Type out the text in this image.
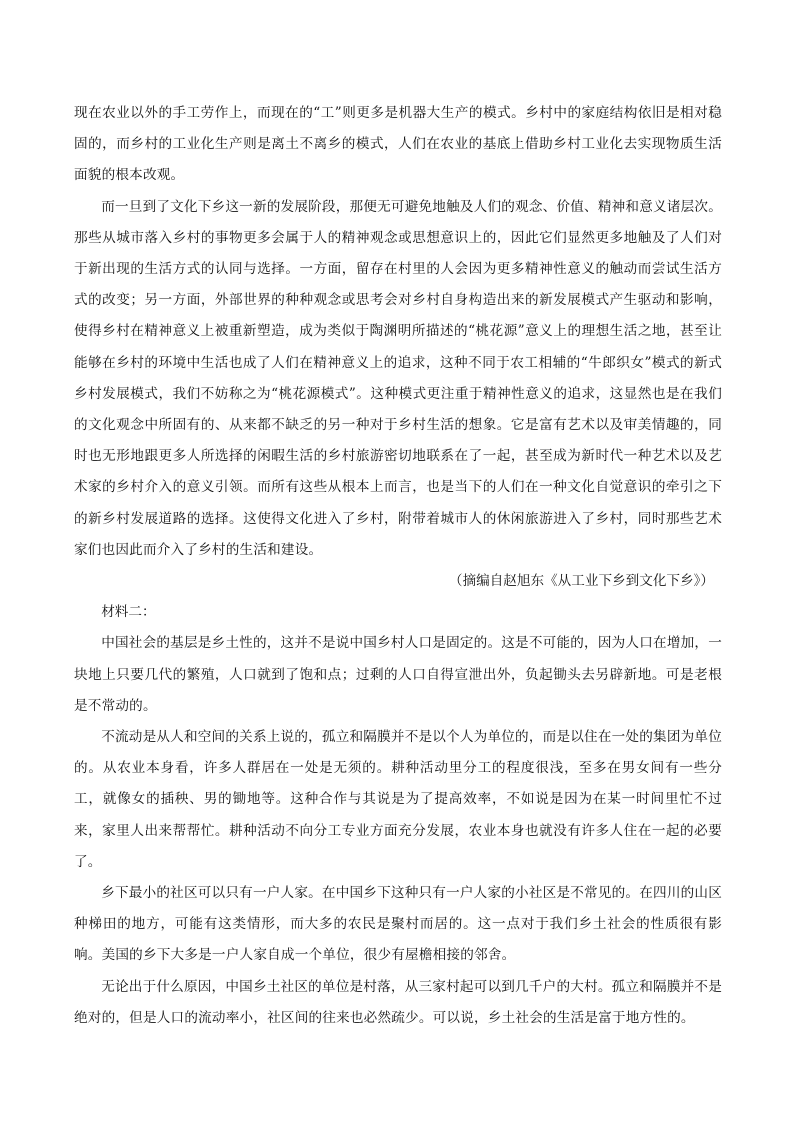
现在农业以外的手工劳作上，而现在的“工”则更多是机器大生产的模式。乡村中的家庭结构依旧是相对稳固的，而乡村的工业化生产则是离土不离乡的模式，人们在农业的基底上借助乡村工业化去实现物质生活面貌的根本改观。

而一旦到了文化下乡这一新的发展阶段，那便无可避免地触及人们的观念、价值、精神和意义诸层次。那些从城市落入乡村的事物更多会属于人的精神观念或思想意识上的，因此它们显然更多地触及了人们对于新出现的生活方式的认同与选择。一方面，留存在村里的人会因为更多精神性意义的触动而尝试生活方式的改变；另一方面，外部世界的种种观念或思考会对乡村自身构造出来的新发展模式产生驱动和影响，使得乡村在精神意义上被重新塑造，成为类似于陶渊明所描述的“桃花源”意义上的理想生活之地，甚至让能够在乡村的环境中生活也成了人们在精神意义上的追求，这种不同于农工相辅的“牛郎织女”模式的新式乡村发展模式，我们不妨称之为“桃花源模式”。这种模式更注重于精神性意义的追求，这显然也是在我们的文化观念中所固有的、从来都不缺乏的另一种对于乡村生活的想象。它是富有艺术以及审美情趣的，同时也无形地跟更多人所选择的闲暇生活的乡村旅游密切地联系在了一起，甚至成为新时代一种艺术以及艺术家的乡村介入的意义引领。而所有这些从根本上而言，也是当下的人们在一种文化自觉意识的牵引之下的新乡村发展道路的选择。这使得文化进入了乡村，附带着城市人的休闲旅游进入了乡村，同时那些艺术家们也因此而介入了乡村的生活和建设。

（摘编自赵旭东《从工业下乡到文化下乡》）

材料二：

中国社会的基层是乡土性的，这并不是说中国乡村人口是固定的。这是不可能的，因为人口在增加，一块地上只要几代的繁殖，人口就到了饱和点；过剩的人口自得宣泄出外，负起锄头去另辟新地。可是老根是不常动的。

不流动是从人和空间的关系上说的，孤立和隔膜并不是以个人为单位的，而是以住在一处的集团为单位的。从农业本身看，许多人群居在一处是无须的。耕种活动里分工的程度很浅，至多在男女间有一些分工，就像女的插秧、男的锄地等。这种合作与其说是为了提高效率，不如说是因为在某一时间里忙不过来，家里人出来帮帮忙。耕种活动不向分工专业方面充分发展，农业本身也就没有许多人住在一起的必要了。

乡下最小的社区可以只有一户人家。在中国乡下这种只有一户人家的小社区是不常见的。在四川的山区种梯田的地方，可能有这类情形，而大多的农民是聚村而居的。这一点对于我们乡土社会的性质很有影响。美国的乡下大多是一户人家自成一个单位，很少有屋檐相接的邻舍。

无论出于什么原因，中国乡土社区的单位是村落，从三家村起可以到几千户的大村。孤立和隔膜并不是绝对的，但是人口的流动率小，社区间的往来也必然疏少。可以说，乡土社会的生活是富于地方性的。
